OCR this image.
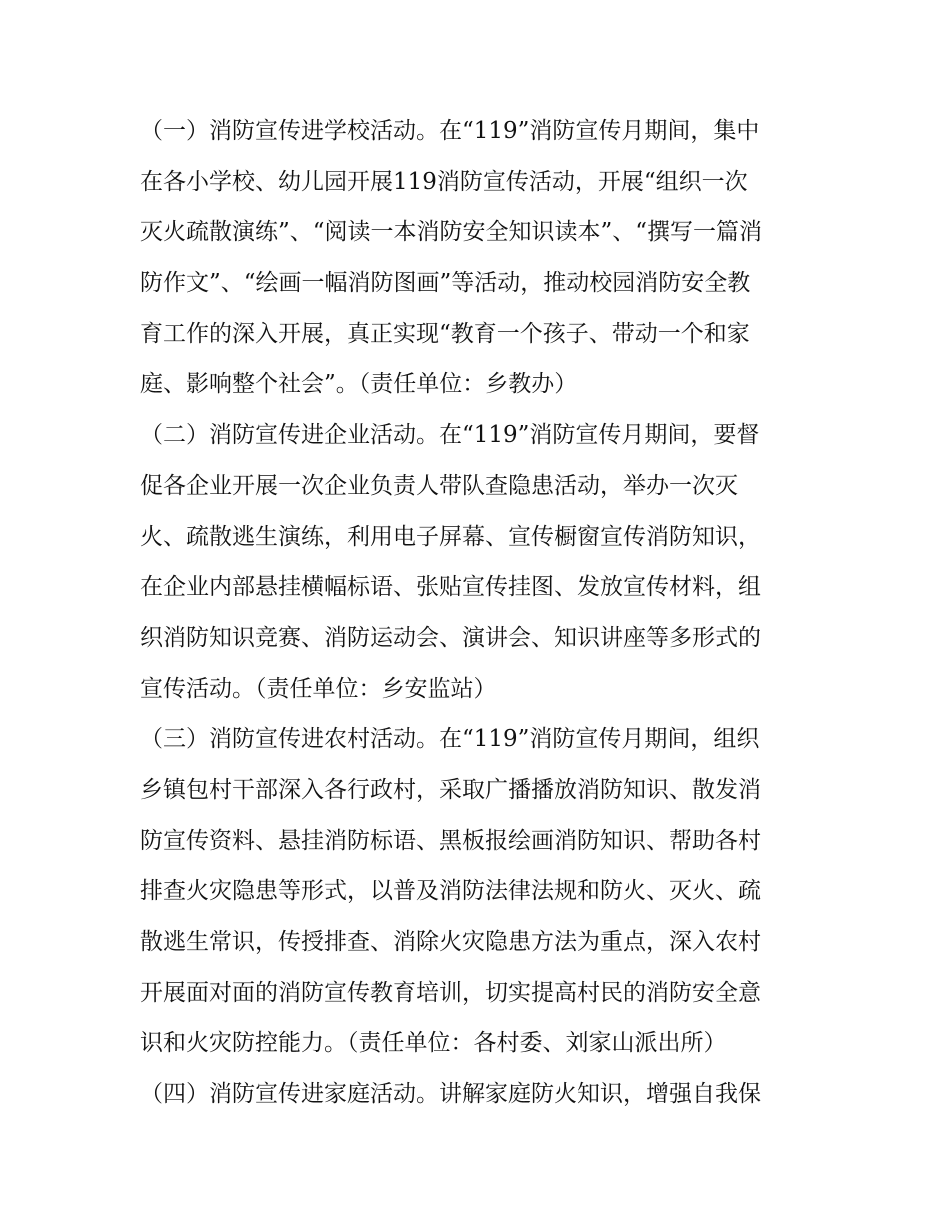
（一）消防宣传进学校活动。在“119”消防宣传月期间，集中
在各小学校、幼儿园开展119消防宣传活动，开展“组织一次
灭火疏散演练”、“阅读一本消防安全知识读本”、“撰写一篇消
防作文”、“绘画一幅消防图画”等活动，推动校园消防安全教
育工作的深入开展，真正实现“教育一个孩子、带动一个和家
庭、影响整个社会”。（责任单位：乡教办）
（二）消防宣传进企业活动。在“119”消防宣传月期间，要督
促各企业开展一次企业负责人带队查隐患活动，举办一次灭
火、疏散逃生演练，利用电子屏幕、宣传橱窗宣传消防知识，
在企业内部悬挂横幅标语、张贴宣传挂图、发放宣传材料，组
织消防知识竞赛、消防运动会、演讲会、知识讲座等多形式的
宣传活动。（责任单位：乡安监站）
（三）消防宣传进农村活动。在“119”消防宣传月期间，组织
乡镇包村干部深入各行政村，采取广播播放消防知识、散发消
防宣传资料、悬挂消防标语、黑板报绘画消防知识、帮助各村
排查火灾隐患等形式，以普及消防法律法规和防火、灭火、疏
散逃生常识，传授排查、消除火灾隐患方法为重点，深入农村
开展面对面的消防宣传教育培训，切实提高村民的消防安全意
识和火灾防控能力。（责任单位：各村委、刘家山派出所）
（四）消防宣传进家庭活动。讲解家庭防火知识，增强自我保
